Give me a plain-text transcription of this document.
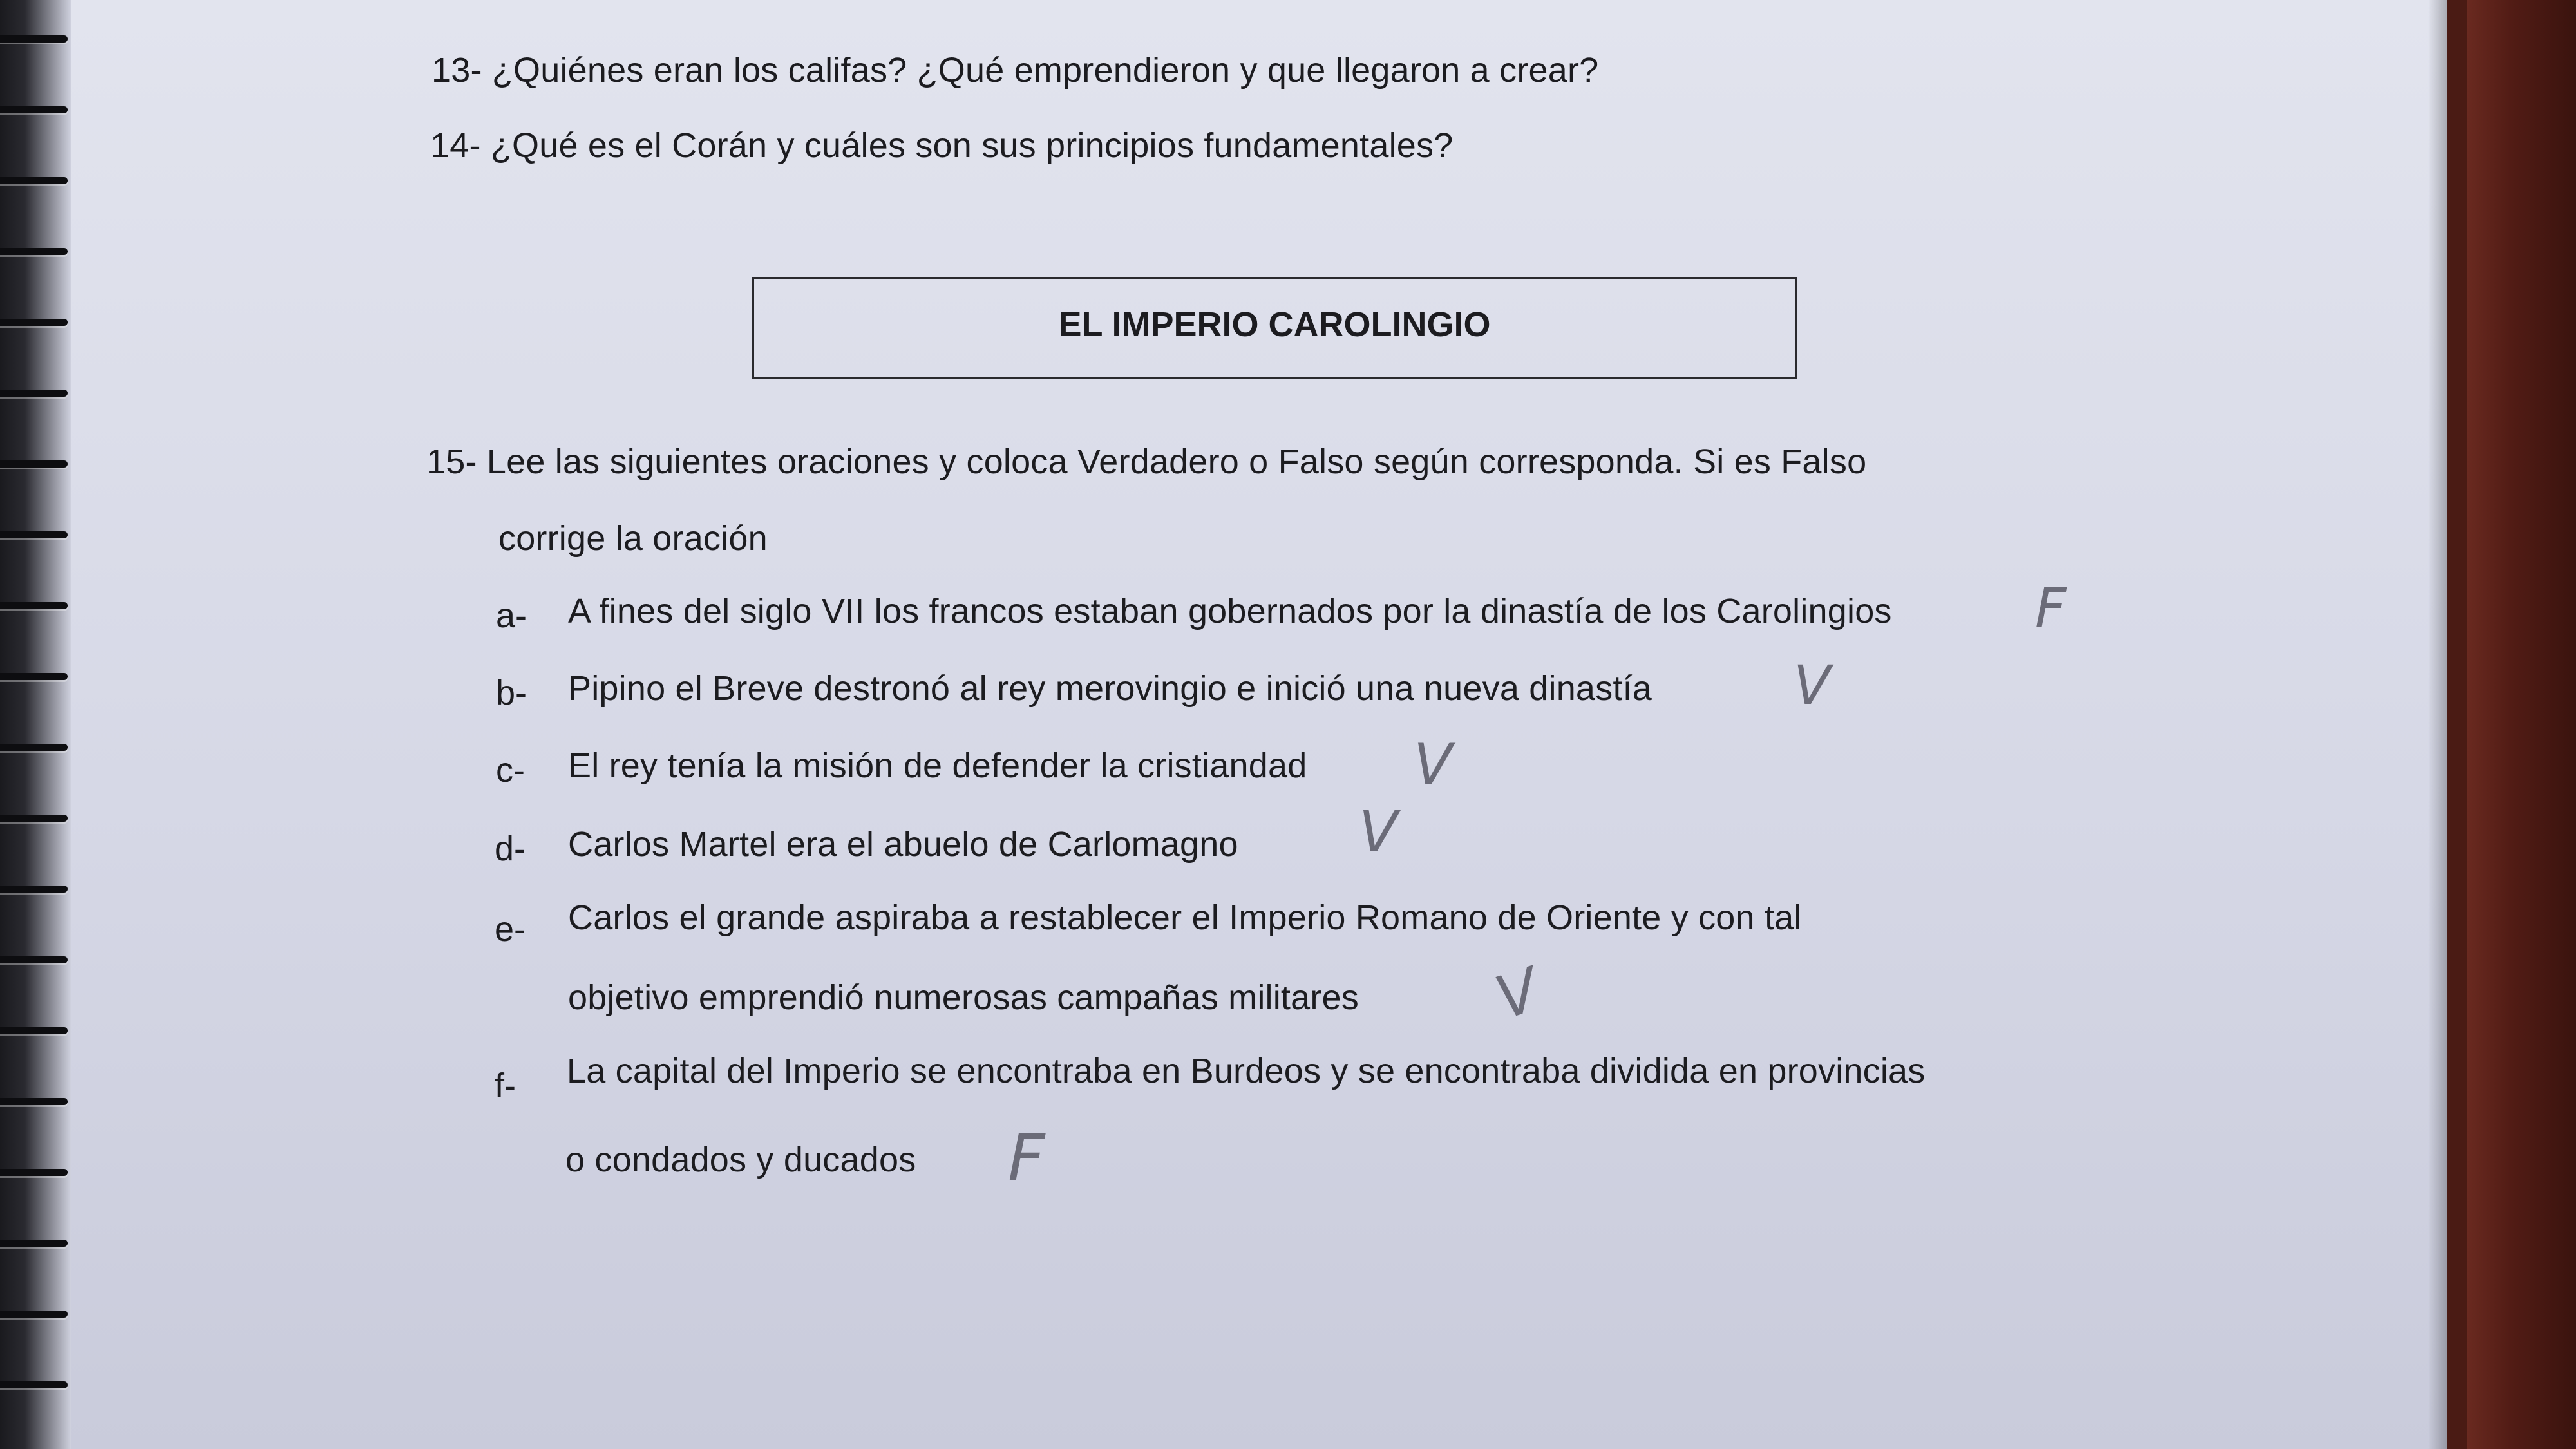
13- ¿Quiénes eran los califas? ¿Qué emprendieron y que llegaron a crear?
14- ¿Qué es el Corán y cuáles son sus principios fundamentales?
EL IMPERIO CAROLINGIO
15- Lee las siguientes oraciones y coloca Verdadero o Falso según corresponda. Si es Falso
corrige la oración
a- A fines del siglo VII los francos estaban gobernados por la dinastía de los Carolingios	F
b- Pipino el Breve destronó al rey merovingio e inició una nueva dinastía	V
c- El rey tenía la misión de defender la cristiandad V
d- Carlos Martel era el abuelo de Carlomagno V
e- Carlos el grande aspiraba a restablecer el Imperio Romano de Oriente y con tal
objetivo emprendió numerosas campañas militares V
f- La capital del Imperio se encontraba en Burdeos y se encontraba dividida en provincias
o condados y ducados F
